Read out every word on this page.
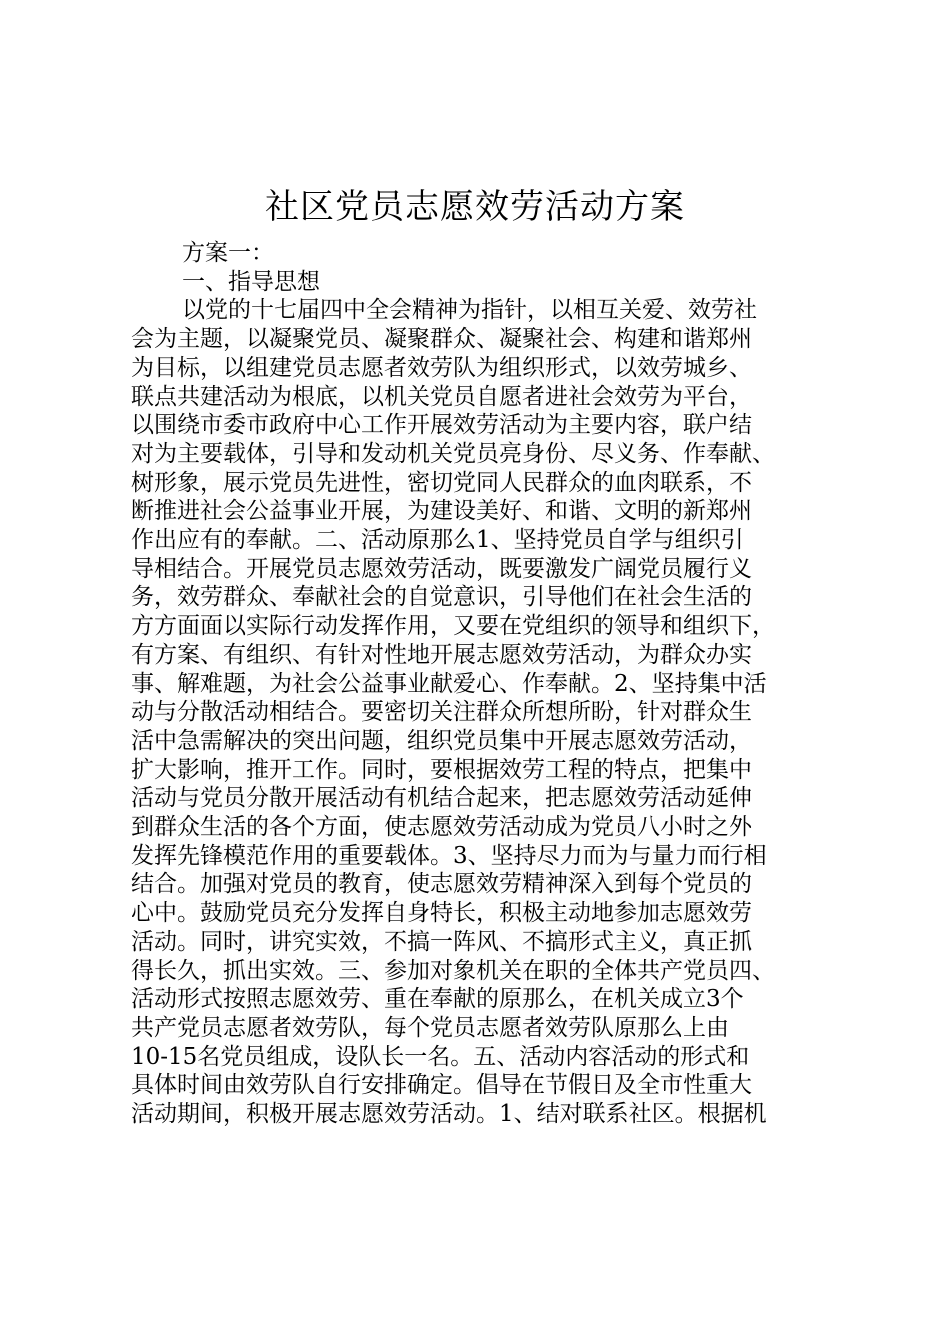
社区党员志愿效劳活动方案

方案一：

一、指导思想

以党的十七届四中全会精神为指针，以相互关爱、效劳社

会为主题，以凝聚党员、凝聚群众、凝聚社会、构建和谐郑州

为目标，以组建党员志愿者效劳队为组织形式，以效劳城乡、

联点共建活动为根底，以机关党员自愿者进社会效劳为平台，

以围绕市委市政府中心工作开展效劳活动为主要内容，联户结

对为主要载体，引导和发动机关党员亮身份、尽义务、作奉献、

树形象，展示党员先进性，密切党同人民群众的血肉联系，不

断推进社会公益事业开展，为建设美好、和谐、文明的新郑州

作出应有的奉献。二、活动原那么1、坚持党员自学与组织引

导相结合。开展党员志愿效劳活动，既要激发广阔党员履行义

务，效劳群众、奉献社会的自觉意识，引导他们在社会生活的

方方面面以实际行动发挥作用，又要在党组织的领导和组织下，

有方案、有组织、有针对性地开展志愿效劳活动，为群众办实

事、解难题，为社会公益事业献爱心、作奉献。2、坚持集中活

动与分散活动相结合。要密切关注群众所想所盼，针对群众生

活中急需解决的突出问题，组织党员集中开展志愿效劳活动，

扩大影响，推开工作。同时，要根据效劳工程的特点，把集中

活动与党员分散开展活动有机结合起来，把志愿效劳活动延伸

到群众生活的各个方面，使志愿效劳活动成为党员八小时之外

发挥先锋模范作用的重要载体。3、坚持尽力而为与量力而行相

结合。加强对党员的教育，使志愿效劳精神深入到每个党员的

心中。鼓励党员充分发挥自身特长，积极主动地参加志愿效劳

活动。同时，讲究实效，不搞一阵风、不搞形式主义，真正抓

得长久，抓出实效。三、参加对象机关在职的全体共产党员四、

活动形式按照志愿效劳、重在奉献的原那么，在机关成立3个

共产党员志愿者效劳队，每个党员志愿者效劳队原那么上由

10-15名党员组成，设队长一名。五、活动内容活动的形式和

具体时间由效劳队自行安排确定。倡导在节假日及全市性重大

活动期间，积极开展志愿效劳活动。1、结对联系社区。根据机
